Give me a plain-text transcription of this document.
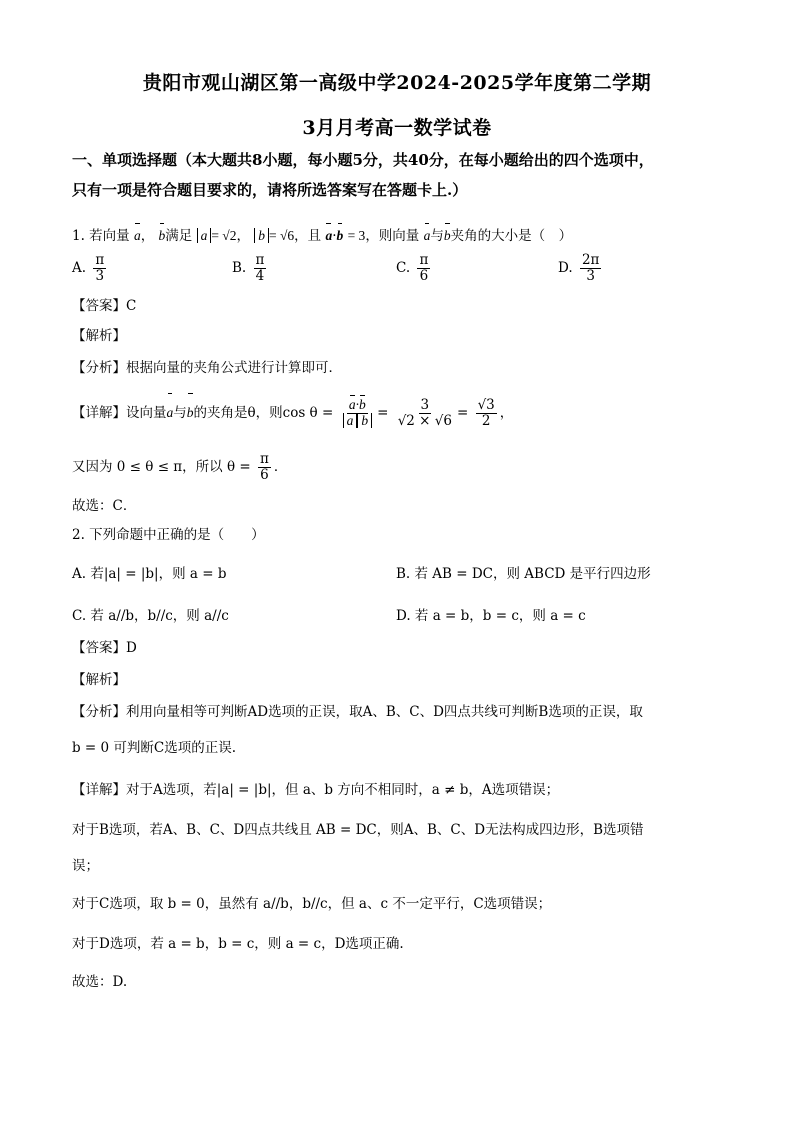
贵阳市观山湖区第一高级中学2024-2025学年度第二学期
3月月考高一数学试卷
一、单项选择题（本大题共8小题，每小题5分，共40分，在每小题给出的四个选项中，
只有一项是符合题目要求的，请将所选答案写在答题卡上.）
1. 若向量 a， b满足 a = √2， b = √6，且 a·b = 3，则向量 a与b夹角的大小是（　）
A. $\frac{\pi}{3}$	B. $\frac{\pi}{4}$	C. $\frac{\pi}{6}$	D. $\frac{2\pi}{3}$
【答案】C
【解析】
【分析】根据向量的夹角公式进行计算即可．
【详解】设向量a与b的夹角是θ，则$\cos \theta = \frac{a\cdot b}{\text{a b}} = \frac{3}{√2 \times √6} = \frac{√3}{2}$ ，
又因为 0 ≤ θ ≤ π，所以 $\theta = \frac{\pi}{6}$ ．
故选：C．
2. 下列命题中正确的是（　　）
A. 若|a| = |b|，则 a = b	B. 若 AB = DC，则 ABCD 是平行四边形
C. 若 a//b，b//c，则 a//c	D. 若 a = b，b = c，则 a = c
【答案】D
【解析】
【分析】利用向量相等可判断AD选项的正误，取A、B、C、D四点共线可判断B选项的正误，取
b = 0 可判断C选项的正误.
【详解】对于A选项，若|a| = |b|，但 a、b 方向不相同时，a ≠ b，A选项错误；
对于B选项，若A、B、C、D四点共线且 AB = DC，则A、B、C、D无法构成四边形，B选项错
误；
对于C选项，取 b = 0，虽然有 a//b，b//c，但 a、c 不一定平行，C选项错误；
对于D选项，若 a = b，b = c，则 a = c，D选项正确.
故选：D.
